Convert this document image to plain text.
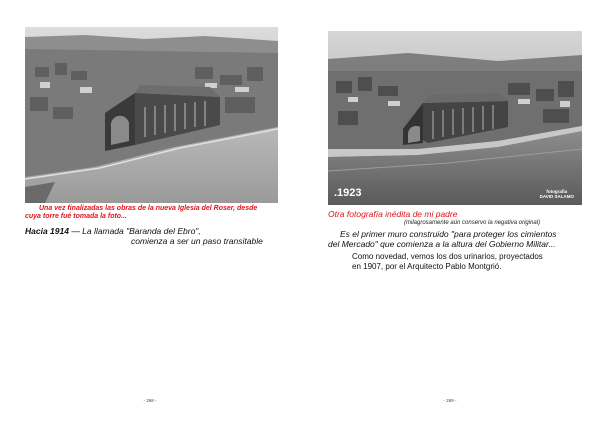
Una vez finalizadas las obras de la nueva Iglesia del Roser, desde
cuya torre fué tomada la foto...
Hacia 1914 — La llamada "Baranda del Ebro",
comienza a ser un paso transitable
- 268 -
.1923	fotografia
DAVID SALAMO
Otra fotografía inédita de mi padre
(milagrosamente aún conservo la negativa original)
Es el primer muro construido "para proteger los cimientos
del Mercado" que comienza a la altura del Gobierno Militar...
Como novedad, vemos los dos urinarios, proyectados
en 1907, por el Arquitecto Pablo Montgrió.
- 269 -
